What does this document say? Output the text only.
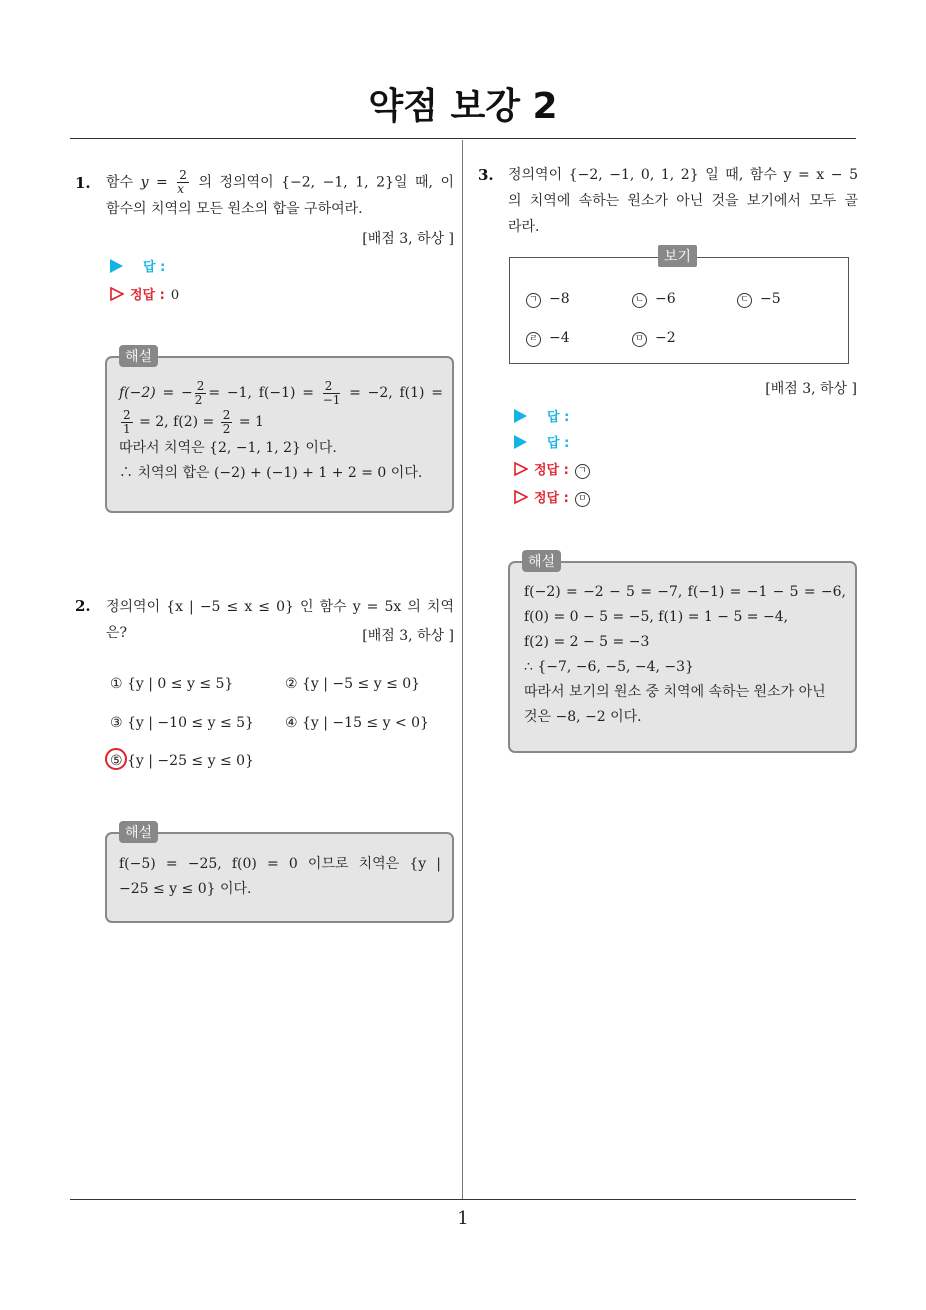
약점 보강 2
1
1. 함수 $y = \frac{2}{x}$ 의 정의역이 {−2, −1, 1, 2}일 때, 이
함수의 치역의 모든 원소의 합을 구하여라.
[배점 3, 하상 ]
답 :
정답 : 0
해설
f(−2) = − $\frac{2}{2} = -1$, $f(-1) = \frac{2}{-1} = -2$, f(1) =
$\frac{2}{1} = 2$, $f(2) = \frac{2}{2} = 1$
따라서 치역은 {2, −1, 1, 2} 이다.
∴ 치역의 합은 (−2) + (−1) + 1 + 2 = 0 이다.
2. 정의역이 {x | −5 ≤ x ≤ 0} 인 함수 y = 5x 의 치역
은?	[배점 3, 하상 ]
① {y | 0 ≤ y ≤ 5}	② {y | −5 ≤ y ≤ 0}
③ {y | −10 ≤ y ≤ 5} ④ {y | −15 ≤ y < 0}
⑤ {y | −25 ≤ y ≤ 0}
해설
f(−5) = −25, f(0) = 0 이므로 치역은 {y |
−25 ≤ y ≤ 0} 이다.
3. 정의역이 {−2, −1, 0, 1, 2} 일 때, 함수 y = x − 5
의 치역에 속하는 원소가 아닌 것을 보기에서 모두 골
라라.
보기
ㄱ −8	ㄴ −6	ㄷ −5
ㄹ −4	ㅁ −2
[배점 3, 하상 ]
답 :
답 :
정답 : ㄱ
정답 : ㅁ
해설
f(−2) = −2 − 5 = −7, f(−1) = −1 − 5 = −6,
f(0) = 0 − 5 = −5, f(1) = 1 − 5 = −4,
f(2) = 2 − 5 = −3
∴ {−7, −6, −5, −4, −3}
따라서 보기의 원소 중 치역에 속하는 원소가 아닌
것은 −8, −2 이다.
